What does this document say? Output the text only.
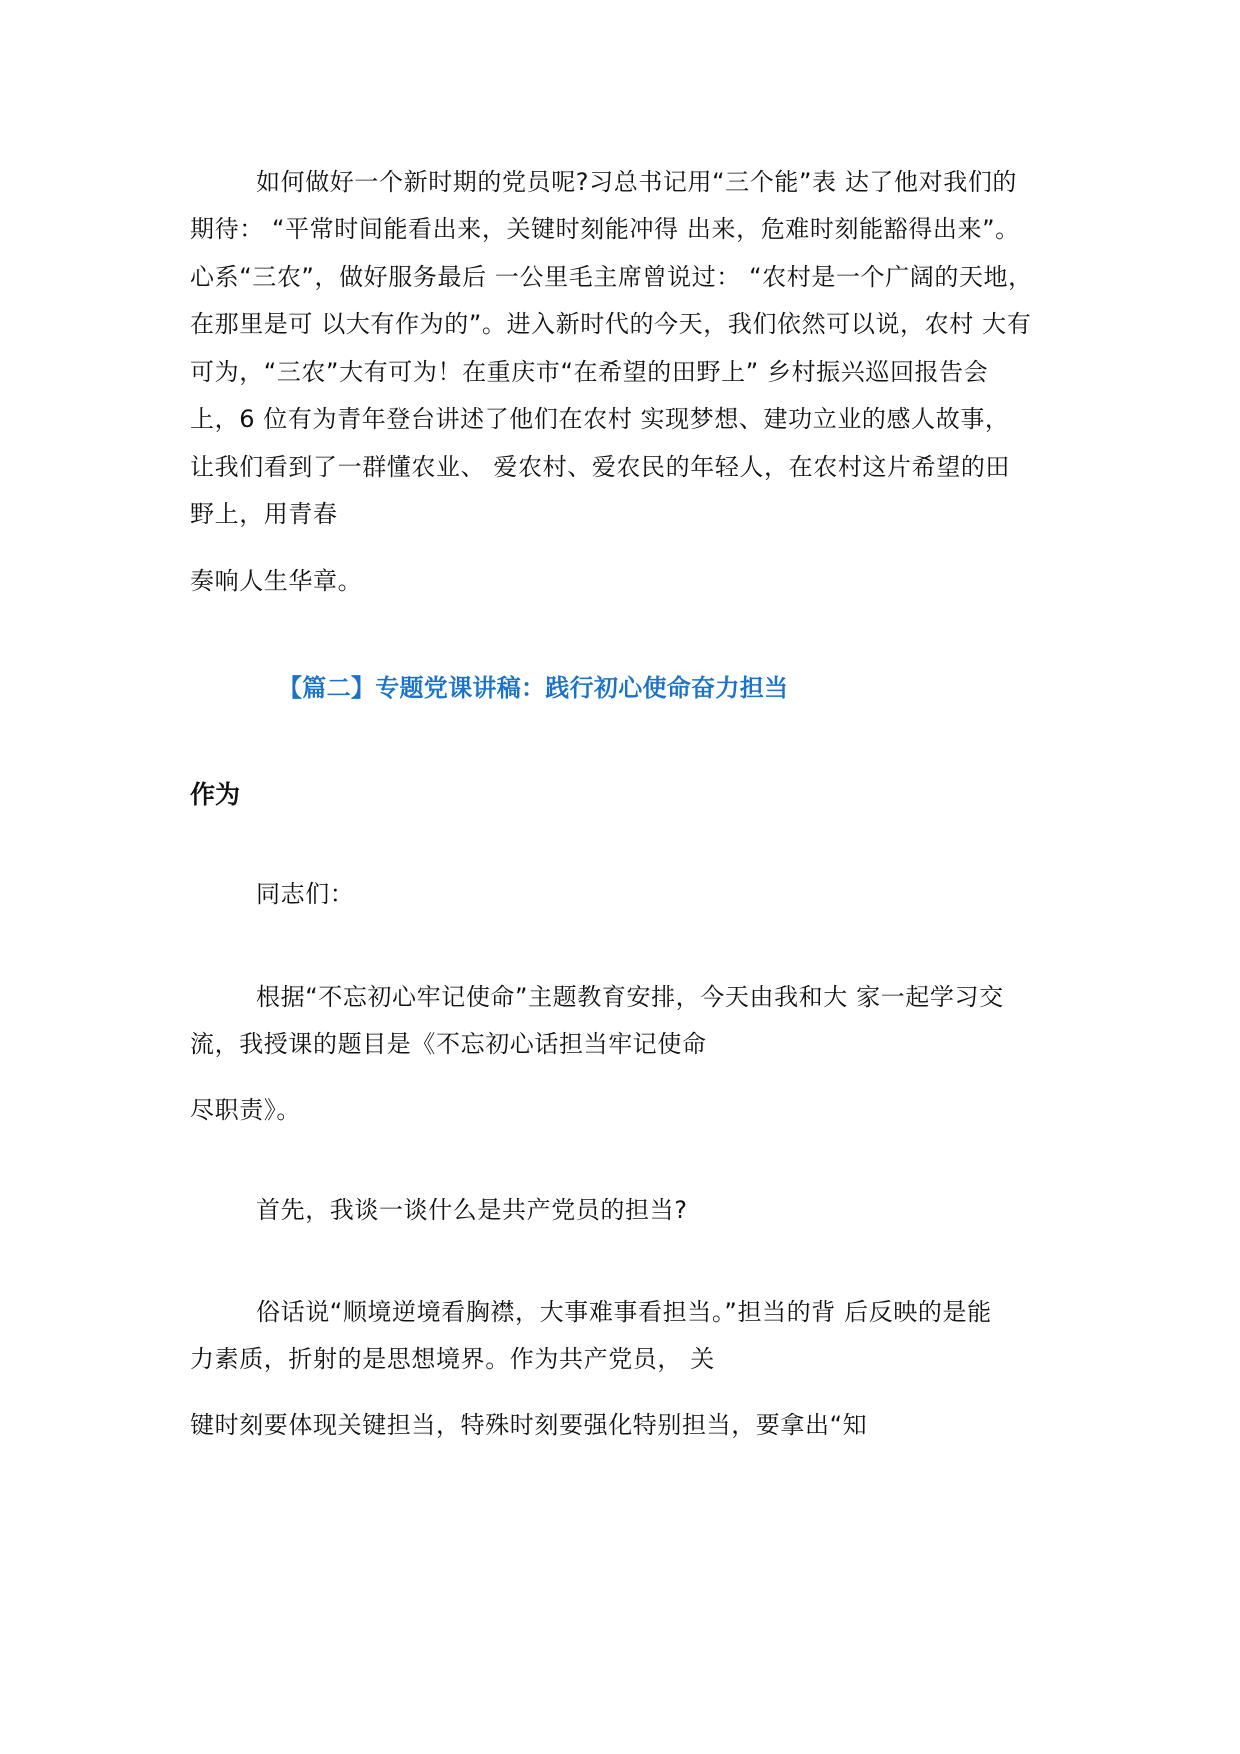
如何做好一个新时期的党员呢?习总书记用“三个能”表 达了他对我们的
期待： “平常时间能看出来，关键时刻能冲得 出来，危难时刻能豁得出来”。
心系“三农”，做好服务最后 一公里毛主席曾说过： “农村是一个广阔的天地，
在那里是可 以大有作为的”。进入新时代的今天，我们依然可以说，农村 大有
可为，“三农”大有可为！在重庆市“在希望的田野上” 乡村振兴巡回报告会
上，6 位有为青年登台讲述了他们在农村 实现梦想、建功立业的感人故事，
让我们看到了一群懂农业、 爱农村、爱农民的年轻人，在农村这片希望的田
野上，用青春
奏响人生华章。
【篇二】专题党课讲稿：践行初心使命奋力担当
作为
同志们：
根据“不忘初心牢记使命”主题教育安排，今天由我和大 家一起学习交
流，我授课的题目是《不忘初心话担当牢记使命
尽职责》。
首先，我谈一谈什么是共产党员的担当?
俗话说“顺境逆境看胸襟，大事难事看担当。”担当的背 后反映的是能
力素质，折射的是思想境界。作为共产党员， 关
键时刻要体现关键担当，特殊时刻要强化特别担当，要拿出“知
